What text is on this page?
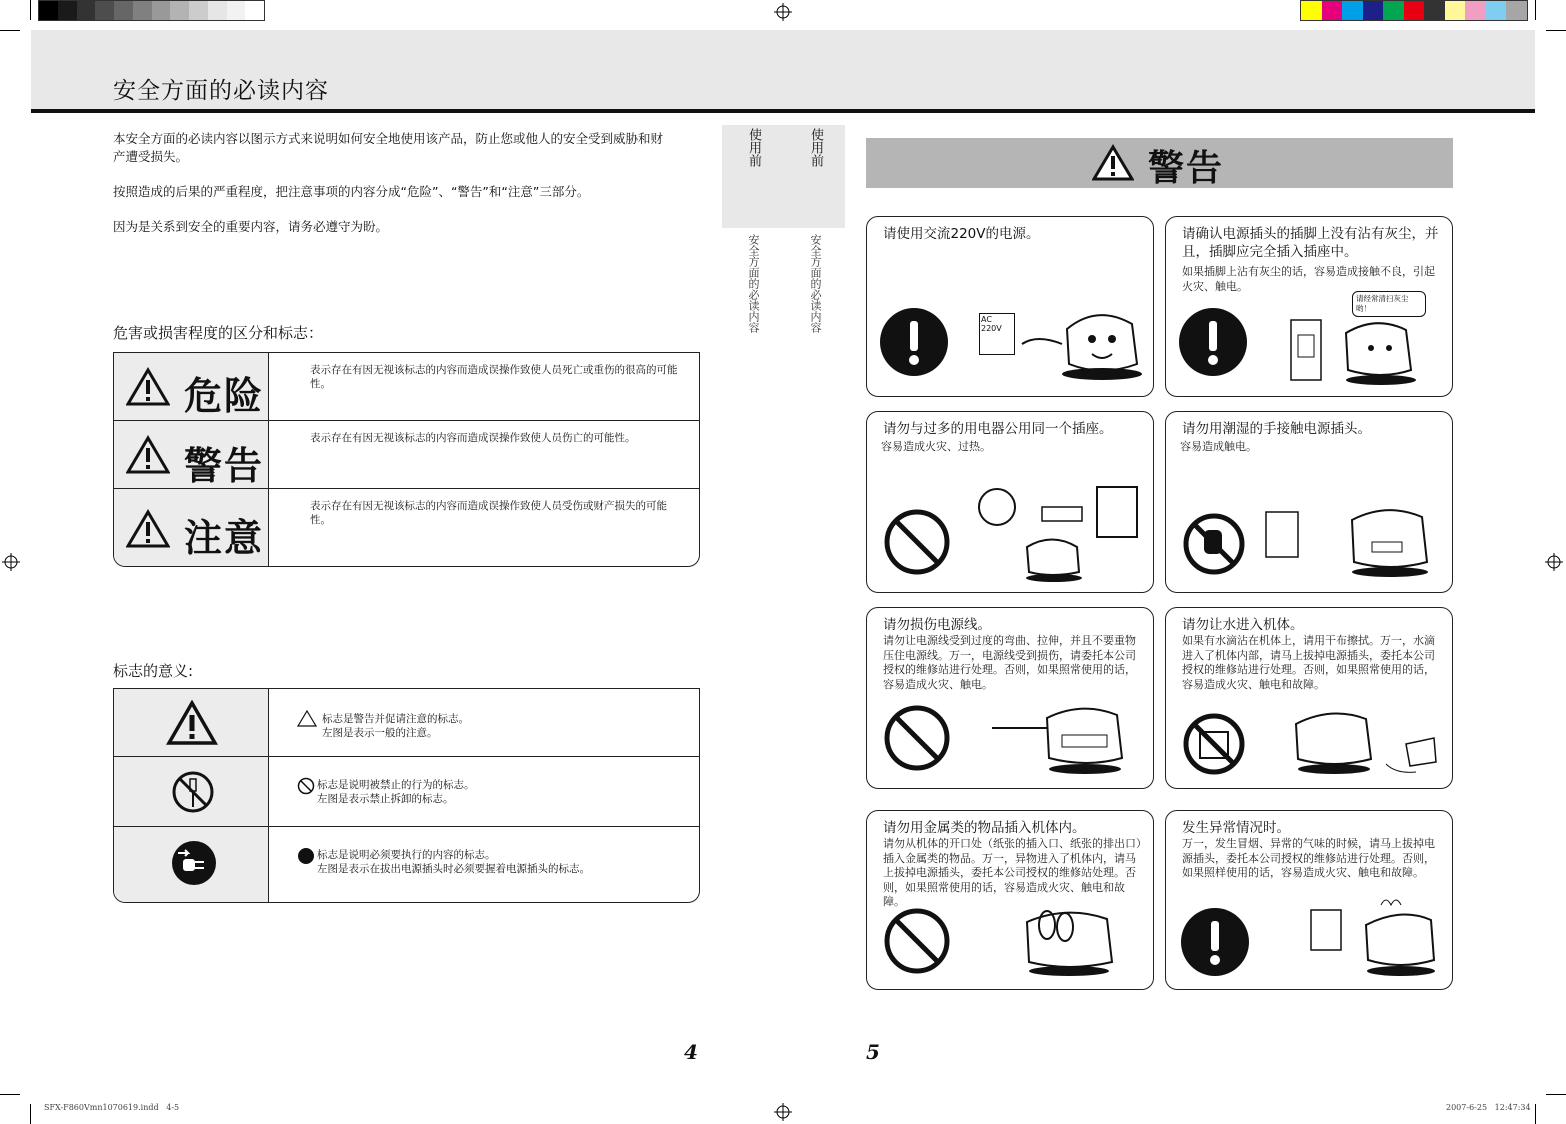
安全方面的必读内容
本安全方面的必读内容以图示方式来说明如何安全地使用该产品，防止您或他人的安全受到威胁和财产遭受损失。
按照造成的后果的严重程度，把注意事项的内容分成“危险”、“警告”和“注意”三部分。
因为是关系到安全的重要内容，请务必遵守为盼。
危害或损害程度的区分和标志：
危险
表示存在有因无视该标志的内容而造成误操作致使人员死亡或重伤的很高的可能性。
警告
表示存在有因无视该标志的内容而造成误操作致使人员伤亡的可能性。
注意
表示存在有因无视该标志的内容而造成误操作致使人员受伤或财产损失的可能性。
标志的意义:
标志是警告并促请注意的标志。
左图是表示一般的注意。
标志是说明被禁止的行为的标志。
左图是表示禁止拆卸的标志。
标志是说明必须要执行的内容的标志。
左图是表示在拔出电源插头时必须要握着电源插头的标志。
使用前	使用前
安全方面的必读内容	安全方面的必读内容
警告
请使用交流220V的电源。
AC 220V
请确认电源插头的插脚上没有沾有灰尘，并且，插脚应完全插入插座中。
如果插脚上沾有灰尘的话，容易造成接触不良，引起火灾、触电。
请经常清扫灰尘哟！
请勿与过多的用电器公用同一个插座。
容易造成火灾、过热。
请勿用潮湿的手接触电源插头。
容易造成触电。
请勿损伤电源线。
请勿让电源线受到过度的弯曲、拉伸，并且不要重物压住电源线。万一，电源线受到损伤，请委托本公司授权的维修站进行处理。否则，如果照常使用的话，容易造成火灾、触电。
请勿让水进入机体。
如果有水滴沾在机体上，请用干布擦拭。万一，水滴进入了机体内部，请马上拔掉电源插头，委托本公司授权的维修站进行处理。否则，如果照常使用的话，容易造成火灾、触电和故障。
请勿用金属类的物品插入机体内。
请勿从机体的开口处（纸张的插入口、纸张的排出口）插入金属类的物品。万一，异物进入了机体内，请马上拔掉电源插头，委托本公司授权的维修站处理。否则，如果照常使用的话，容易造成火灾、触电和故障。
发生异常情况时。
万一，发生冒烟、异常的气味的时候，请马上拔掉电源插头，委托本公司授权的维修站进行处理。否则，如果照样使用的话，容易造成火灾、触电和故障。
4	5
SFX-F860Vmn1070619.indd   4-5	2007-6-25   12:47:34
